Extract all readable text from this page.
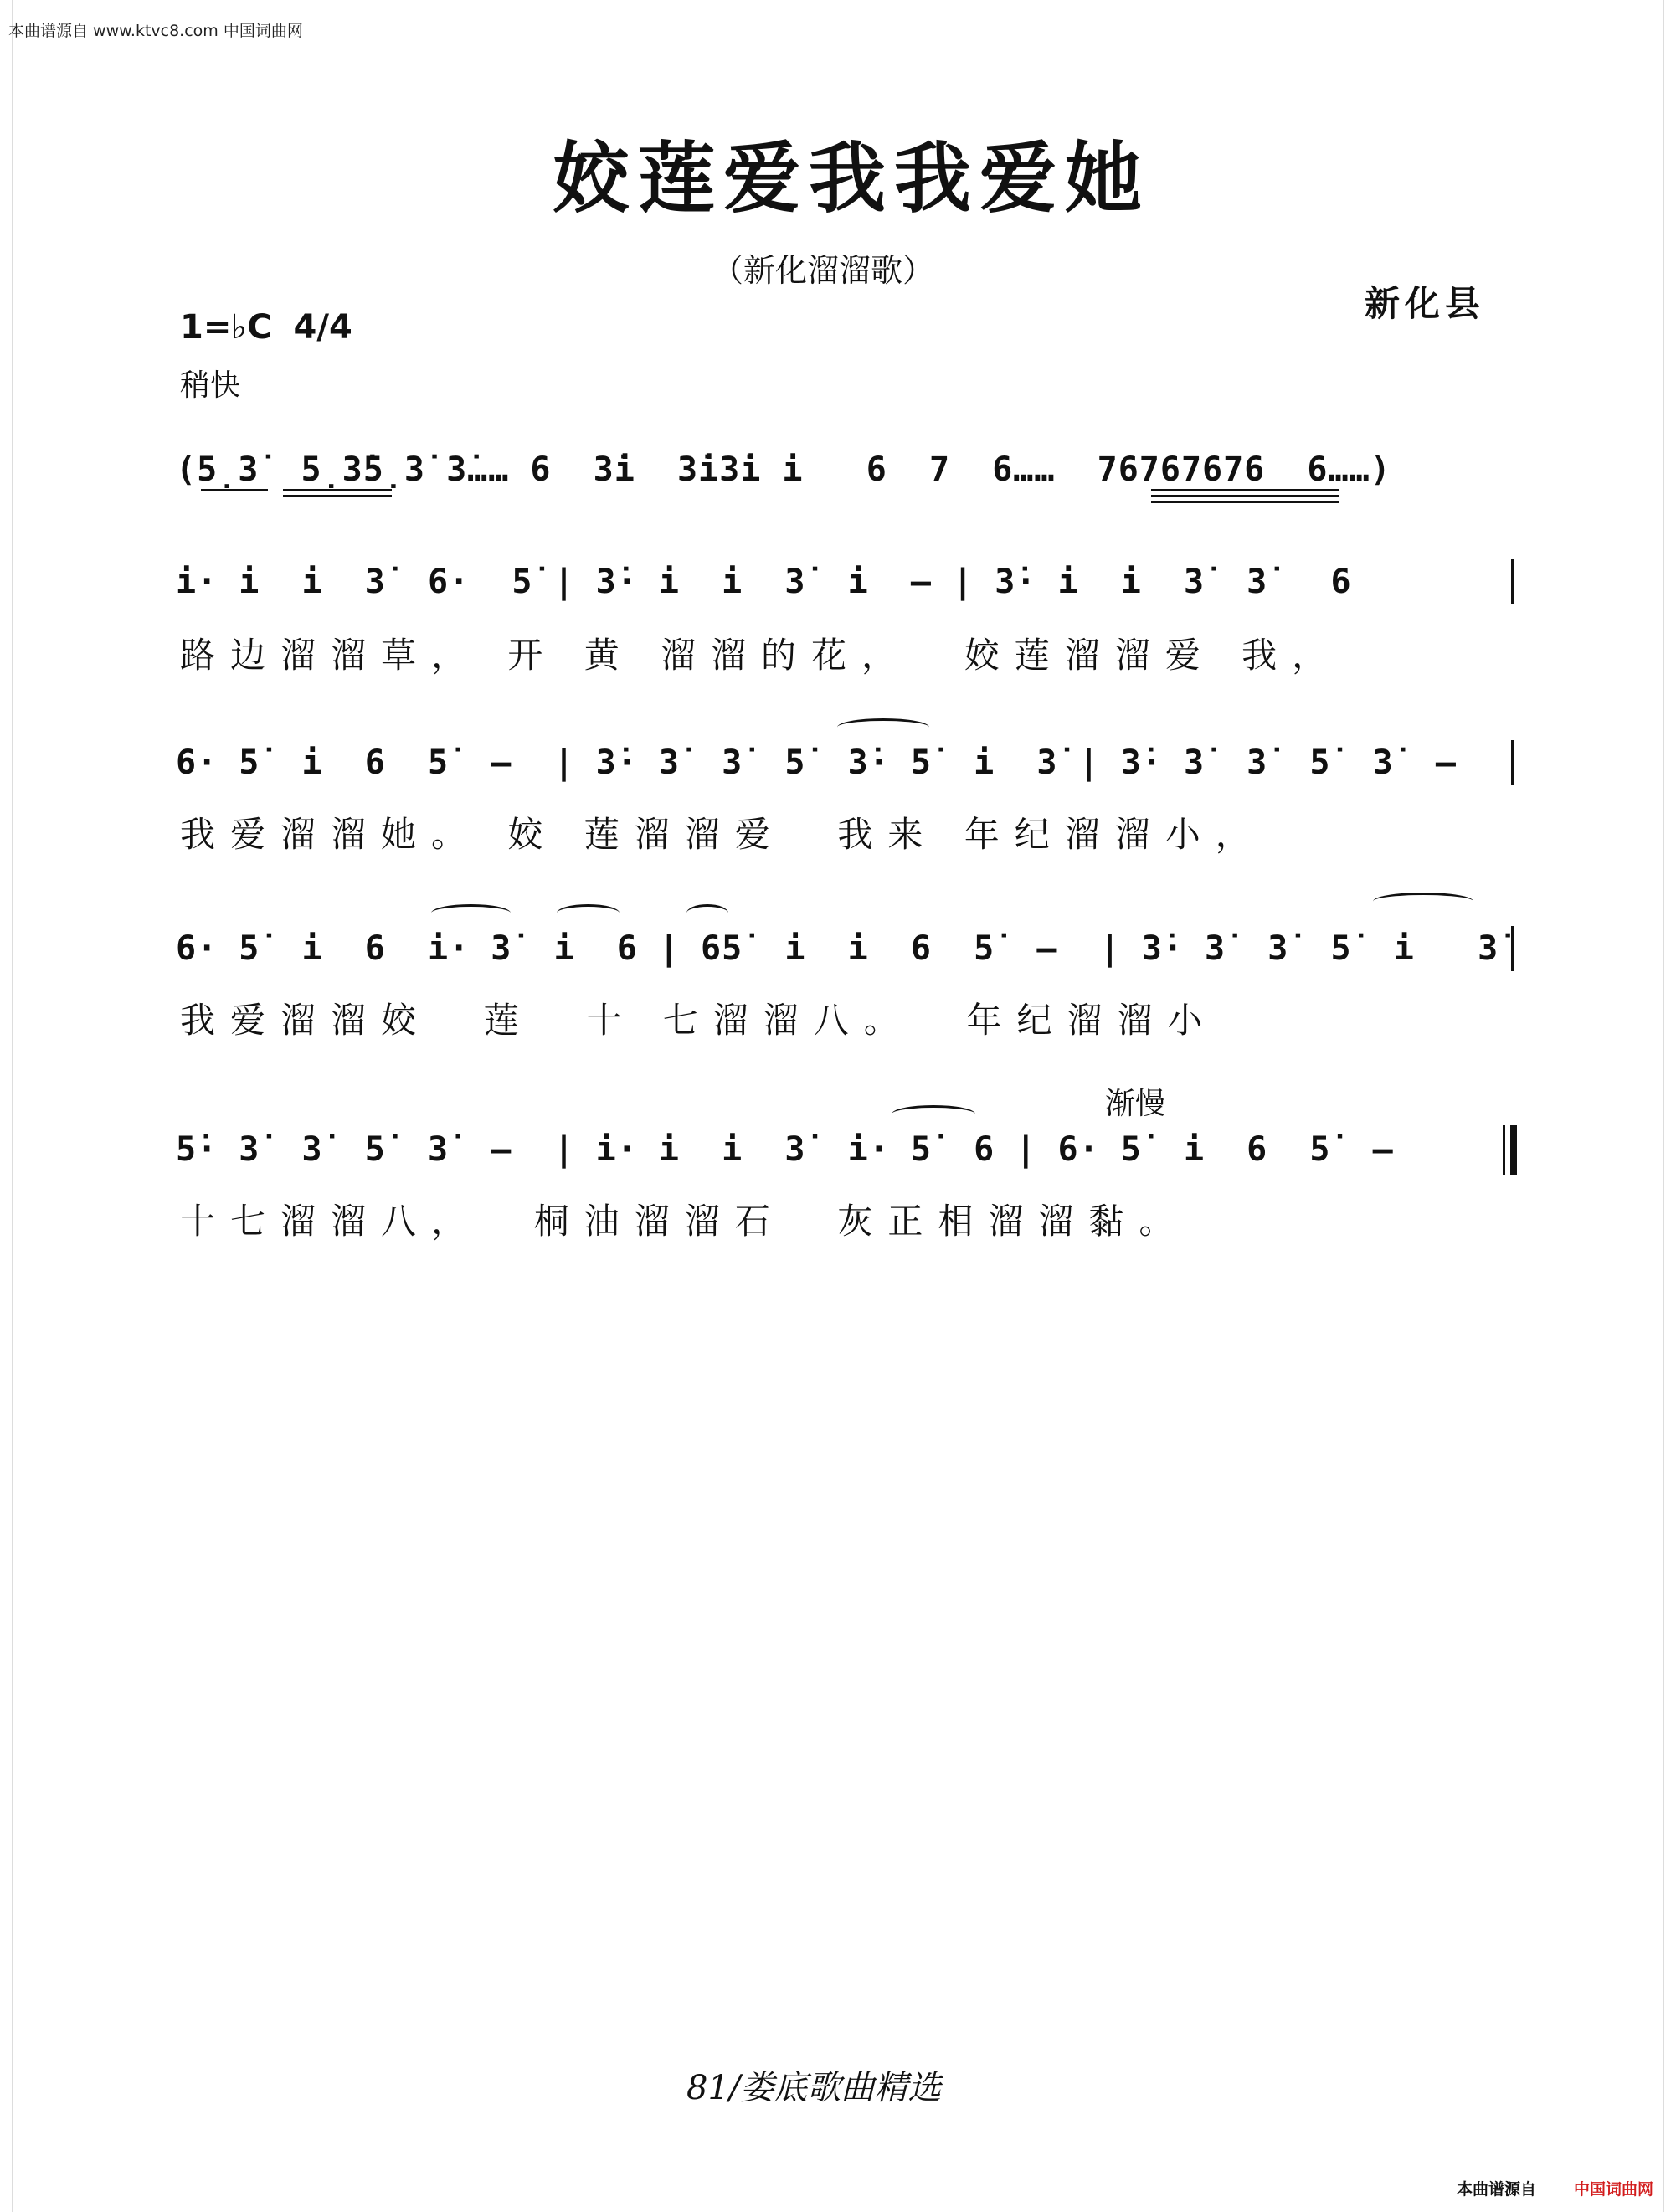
本曲谱源自 www.ktvc8.com 中国词曲网
姣莲爱我我爱她
（新化溜溜歌）
新化县
1=♭C 4/4
稍快
(5̣3̇  5̣3̇5̣3̇ 3̇…… 6  3̇i  3̇i3̇i i   6  7  6……  76767676  6……)
i· i  i  3̇  6·  5̇ | 3̇· i  i  3̇  i  – | 3̇· i  i  3̇  3̇   6
路边溜溜草， 开 黄 溜溜的花，  姣莲溜溜爱 我，
6· 5̇  i  6  5̇  –  | 3̇· 3̇  3̇  5̇  3̇· 5̇  i  3̇ | 3̇· 3̇  3̇  5̇  3̇  –
我爱溜溜她。 姣 莲溜溜爱  我来 年纪溜溜小，
6· 5̇  i  6  i· 3̇  i  6 | 65̇  i  i  6  5̇  –  | 3̇· 3̇  3̇  5̇  i   3̇
我爱溜溜姣  莲  十 七溜溜八。  年纪溜溜小
渐慢
5̇· 3̇  3̇  5̇  3̇  –  | i· i  i  3̇  i· 5̇  6 | 6· 5̇  i  6  5̇  –
十七溜溜八，  桐油溜溜石  灰正相溜溜黏。
81/娄底歌曲精选
本曲谱源自 中国词曲网
